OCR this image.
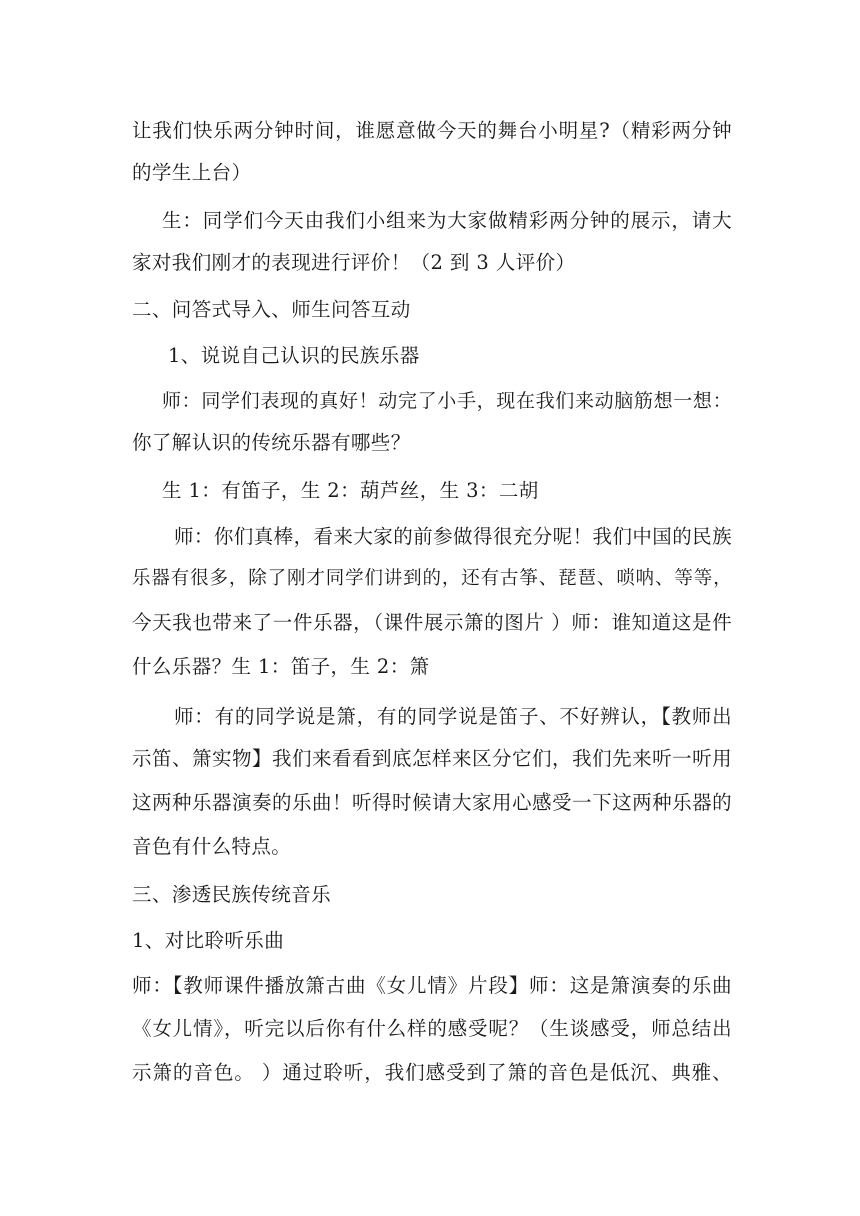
让我们快乐两分钟时间，谁愿意做今天的舞台小明星?（精彩两分钟

的学生上台）

生：同学们今天由我们小组来为大家做精彩两分钟的展示，请大

家对我们刚才的表现进行评价！（2 到 3 人评价）

二、问答式导入、师生问答互动

1、说说自己认识的民族乐器

师：同学们表现的真好！动完了小手，现在我们来动脑筋想一想：

你了解认识的传统乐器有哪些？

生 1：有笛子，生 2：葫芦丝，生 3：二胡

师：你们真棒，看来大家的前参做得很充分呢！我们中国的民族

乐器有很多，除了刚才同学们讲到的，还有古筝、琵琶、唢呐、等等，

今天我也带来了一件乐器，（课件展示箫的图片 ）师：谁知道这是件

什么乐器？生 1：笛子，生 2：箫

师：有的同学说是箫，有的同学说是笛子、不好辨认，【教师出

示笛、箫实物】我们来看看到底怎样来区分它们，我们先来听一听用

这两种乐器演奏的乐曲！听得时候请大家用心感受一下这两种乐器的

音色有什么特点。

三、渗透民族传统音乐

1、对比聆听乐曲

师：【教师课件播放箫古曲《女儿情》片段】师：这是箫演奏的乐曲

《女儿情》，听完以后你有什么样的感受呢？（生谈感受，师总结出

示箫的音色。 ）通过聆听，我们感受到了箫的音色是低沉、典雅、
